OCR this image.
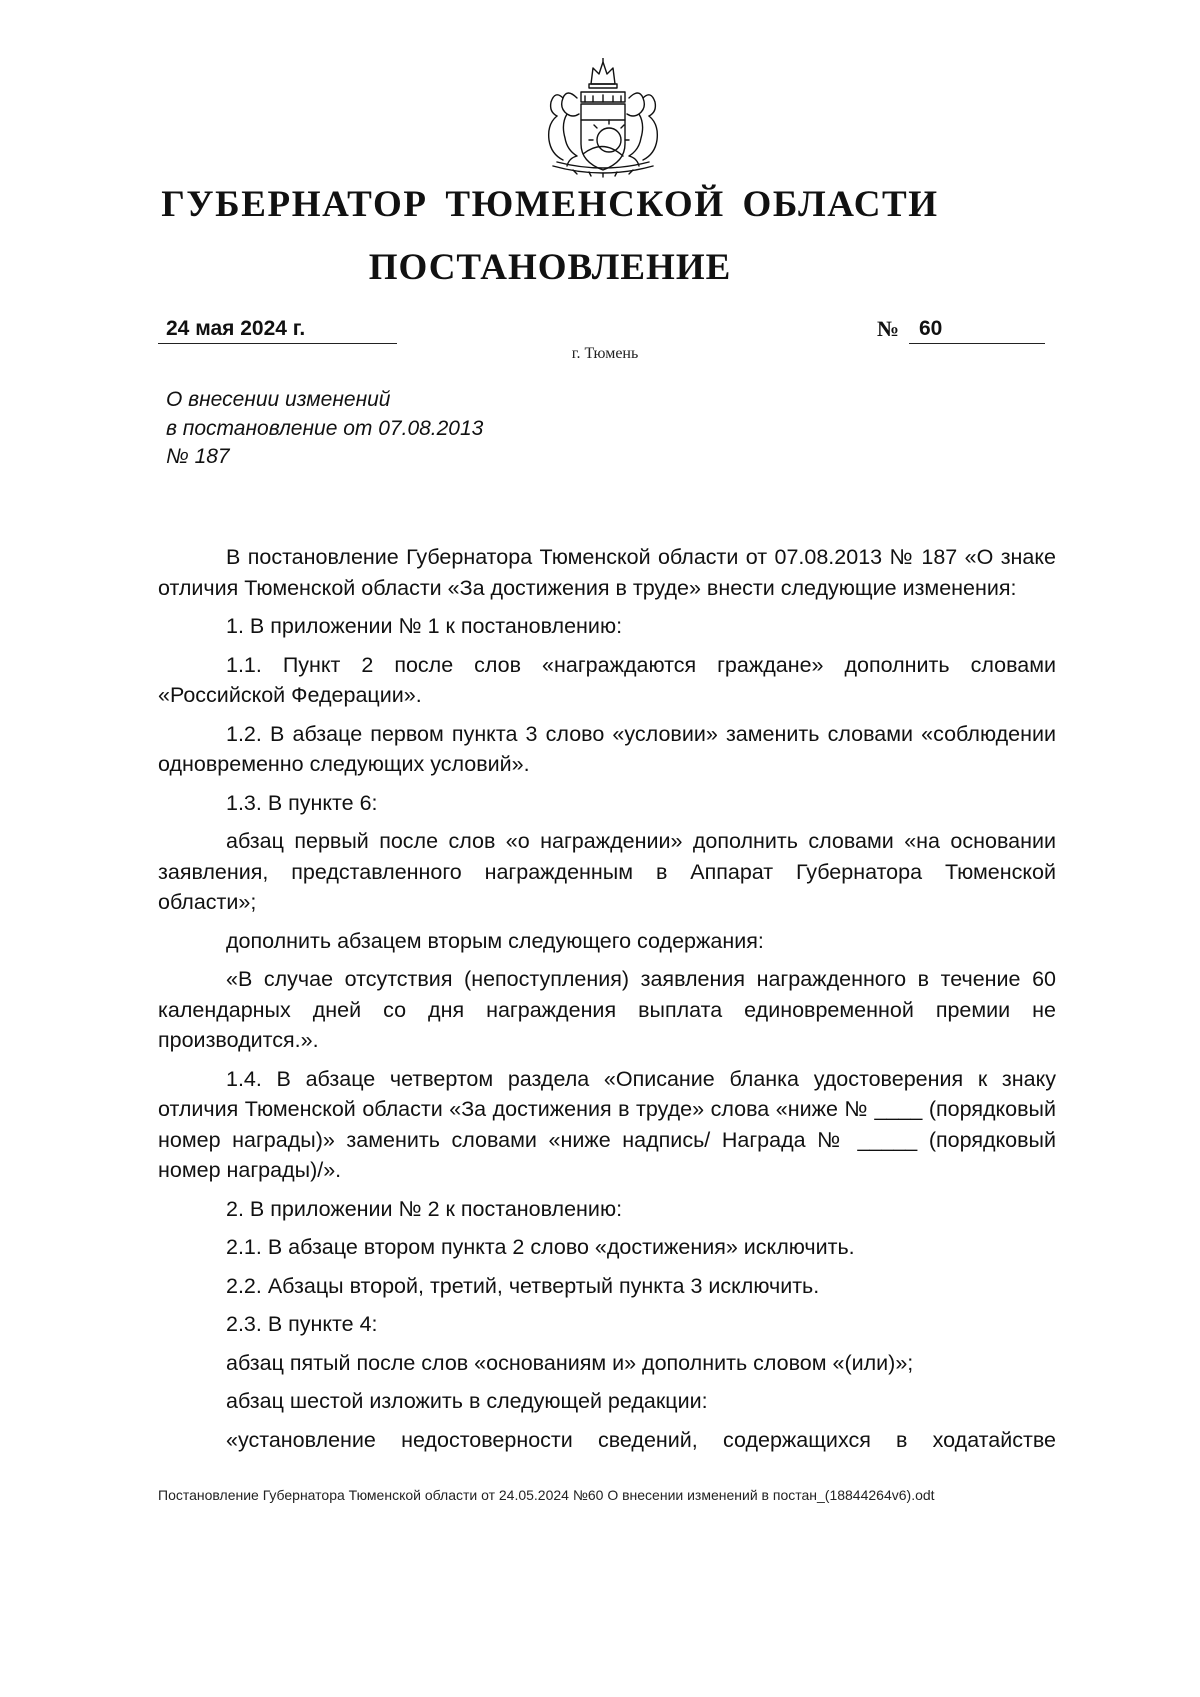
ГУБЕРНАТОР ТЮМЕНСКОЙ ОБЛАСТИ
ПОСТАНОВЛЕНИЕ
24 мая 2024 г.	№ 60
г. Тюмень
О внесении изменений
в постановление от 07.08.2013
№ 187

В постановление Губернатора Тюменской области от 07.08.2013 № 187 «О знаке отличия Тюменской области «За достижения в труде» внести следующие изменения:

1. В приложении № 1 к постановлению:

1.1. Пункт 2 после слов «награждаются граждане» дополнить словами «Российской Федерации».

1.2. В абзаце первом пункта 3 слово «условии» заменить словами «соблюдении одновременно следующих условий».

1.3. В пункте 6:

абзац первый после слов «о награждении» дополнить словами «на основании заявления, представленного награжденным в Аппарат Губернатора Тюменской области»;

дополнить абзацем вторым следующего содержания:

«В случае отсутствия (непоступления) заявления награжденного в течение 60 календарных дней со дня награждения выплата единовременной премии не производится.».

1.4. В абзаце четвертом раздела «Описание бланка удостоверения к знаку отличия Тюменской области «За достижения в труде» слова «ниже № ____ (порядковый номер награды)» заменить словами «ниже надпись/ Награда № _____ (порядковый номер награды)/».

2. В приложении № 2 к постановлению:

2.1. В абзаце втором пункта 2 слово «достижения» исключить.

2.2. Абзацы второй, третий, четвертый пункта 3 исключить.

2.3. В пункте 4:

абзац пятый после слов «основаниям и» дополнить словом «(или)»;

абзац шестой изложить в следующей редакции:

«установление недостоверности сведений, содержащихся в ходатайстве

Постановление Губернатора Тюменской области от 24.05.2024 №60 О внесении изменений в постан_(18844264v6).odt
